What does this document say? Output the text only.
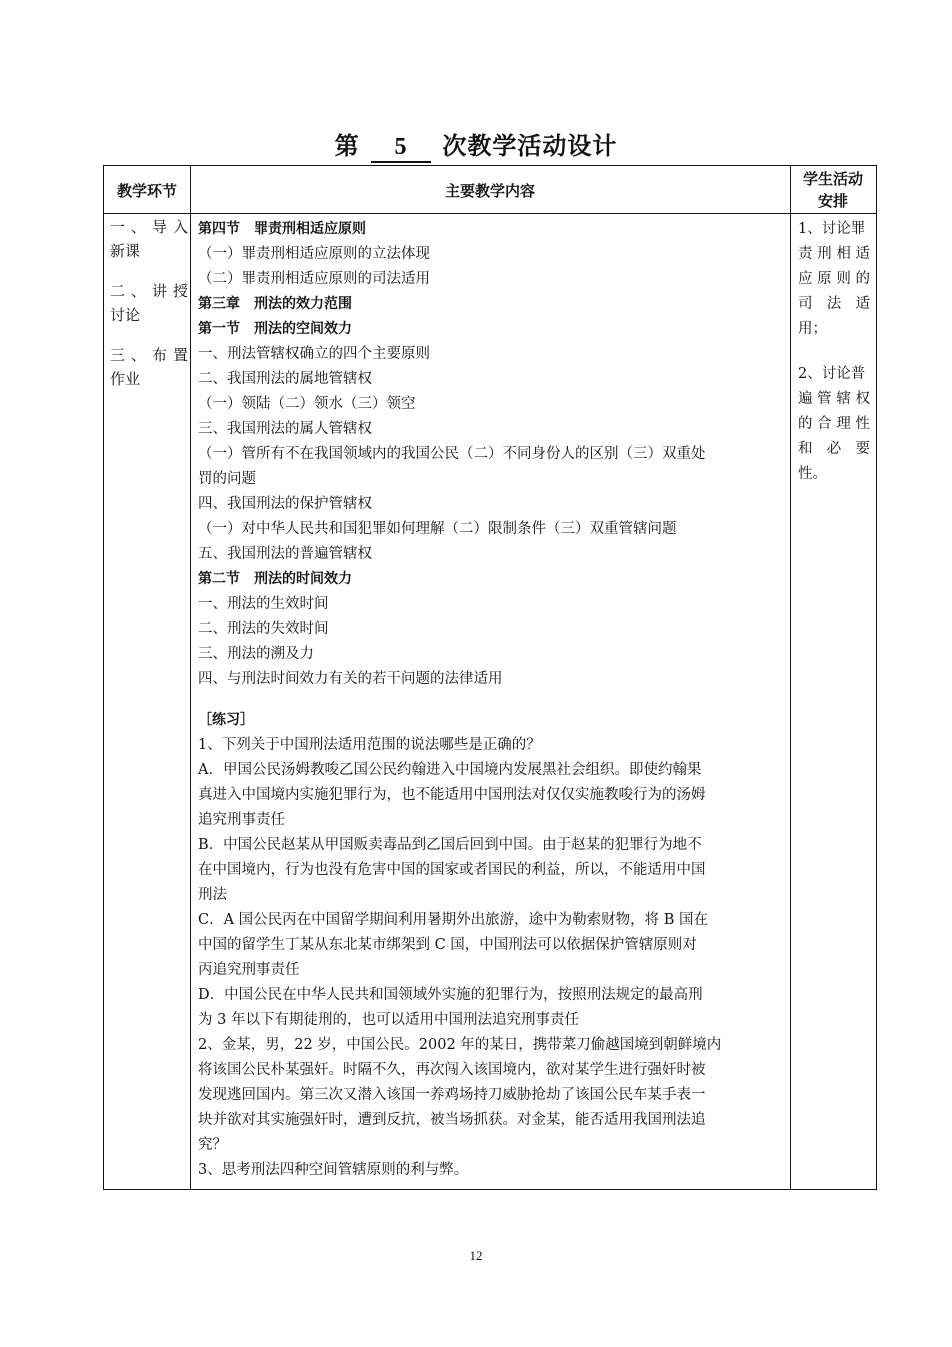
第 5 次教学活动设计
教学环节	主要教学内容
学生活动
安排
一、导入
新课
二、讲授
讨论
三、布置
作业
第四节　罪责刑相适应原则
（一）罪责刑相适应原则的立法体现
（二）罪责刑相适应原则的司法适用
第三章　刑法的效力范围
第一节　刑法的空间效力
一、刑法管辖权确立的四个主要原则
二、我国刑法的属地管辖权
（一）领陆（二）领水（三）领空
三、我国刑法的属人管辖权
（一）管所有不在我国领域内的我国公民（二）不同身份人的区别（三）双重处
罚的问题
四、我国刑法的保护管辖权
（一）对中华人民共和国犯罪如何理解（二）限制条件（三）双重管辖问题
五、我国刑法的普遍管辖权
第二节　刑法的时间效力
一、刑法的生效时间
二、刑法的失效时间
三、刑法的溯及力
四、与刑法时间效力有关的若干问题的法律适用
［练习］
1、下列关于中国刑法适用范围的说法哪些是正确的？
A．甲国公民汤姆教唆乙国公民约翰进入中国境内发展黑社会组织。即使约翰果
真进入中国境内实施犯罪行为，也不能适用中国刑法对仅仅实施教唆行为的汤姆
追究刑事责任
B．中国公民赵某从甲国贩卖毒品到乙国后回到中国。由于赵某的犯罪行为地不
在中国境内，行为也没有危害中国的国家或者国民的利益，所以，不能适用中国
刑法
C．A 国公民丙在中国留学期间利用暑期外出旅游，途中为勒索财物，将 B 国在
中国的留学生丁某从东北某市绑架到 C 国，中国刑法可以依据保护管辖原则对
丙追究刑事责任
D．中国公民在中华人民共和国领域外实施的犯罪行为，按照刑法规定的最高刑
为 3 年以下有期徒刑的，也可以适用中国刑法追究刑事责任
2、金某，男，22 岁，中国公民。2002 年的某日，携带菜刀偷越国境到朝鲜境内
将该国公民朴某强奸。时隔不久，再次闯入该国境内，欲对某学生进行强奸时被
发现逃回国内。第三次又潜入该国一养鸡场持刀威胁抢劫了该国公民车某手表一
块并欲对其实施强奸时，遭到反抗，被当场抓获。对金某，能否适用我国刑法追
究？
3、思考刑法四种空间管辖原则的利与弊。
1、讨论罪
责刑相适
应原则的
司 法 适
用；
2、讨论普
遍管辖权
的合理性
和 必 要
性。
12
